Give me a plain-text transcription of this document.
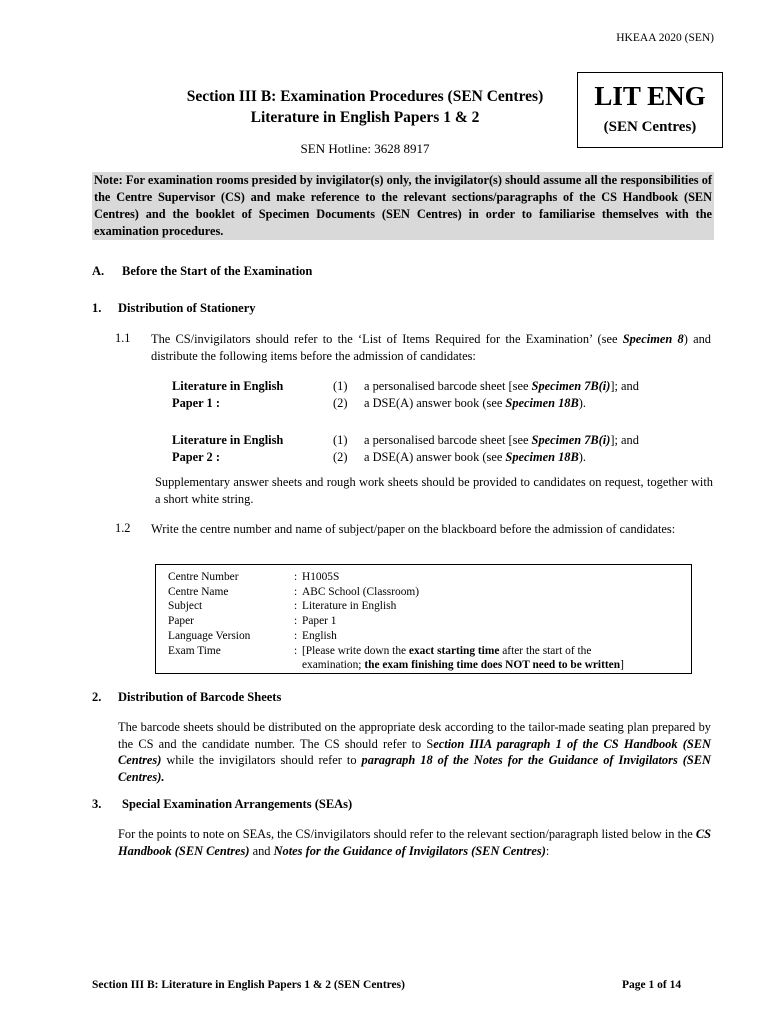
HKEAA 2020 (SEN)
Section III B: Examination Procedures (SEN Centres)
Literature in English Papers 1 & 2
LIT ENG
(SEN Centres)
SEN Hotline: 3628 8917
Note: For examination rooms presided by invigilator(s) only, the invigilator(s) should assume all the responsibilities of the Centre Supervisor (CS) and make reference to the relevant sections/paragraphs of the CS Handbook (SEN Centres) and the booklet of Specimen Documents (SEN Centres) in order to familiarise themselves with the examination procedures.
A. Before the Start of the Examination
1. Distribution of Stationery
1.1 The CS/invigilators should refer to the ‘List of Items Required for the Examination’ (see Specimen 8) and distribute the following items before the admission of candidates:
Literature in English	(1)	a personalised barcode sheet [see Specimen 7B(i)]; and
Paper 1 :	(2)	a DSE(A) answer book (see Specimen 18B).
Literature in English	(1)	a personalised barcode sheet [see Specimen 7B(i)]; and
Paper 2 :	(2)	a DSE(A) answer book (see Specimen 18B).
Supplementary answer sheets and rough work sheets should be provided to candidates on request, together with a short white string.
1.2 Write the centre number and name of subject/paper on the blackboard before the admission of candidates:
Centre Number	:	H1005S
Centre Name	:	ABC School (Classroom)
Subject	:	Literature in English
Paper	:	Paper 1
Language Version	:	English
Exam Time	:	[Please write down the exact starting time after the start of the
examination; the exam finishing time does NOT need to be written]
2. Distribution of Barcode Sheets
The barcode sheets should be distributed on the appropriate desk according to the tailor-made seating plan prepared by the CS and the candidate number. The CS should refer to Section IIIA paragraph 1 of the CS Handbook (SEN Centres) while the invigilators should refer to paragraph 18 of the Notes for the Guidance of Invigilators (SEN Centres).
3. Special Examination Arrangements (SEAs)
For the points to note on SEAs, the CS/invigilators should refer to the relevant section/paragraph listed below in the CS Handbook (SEN Centres) and Notes for the Guidance of Invigilators (SEN Centres):
Section III B: Literature in English Papers 1 & 2 (SEN Centres)	Page 1 of 14
